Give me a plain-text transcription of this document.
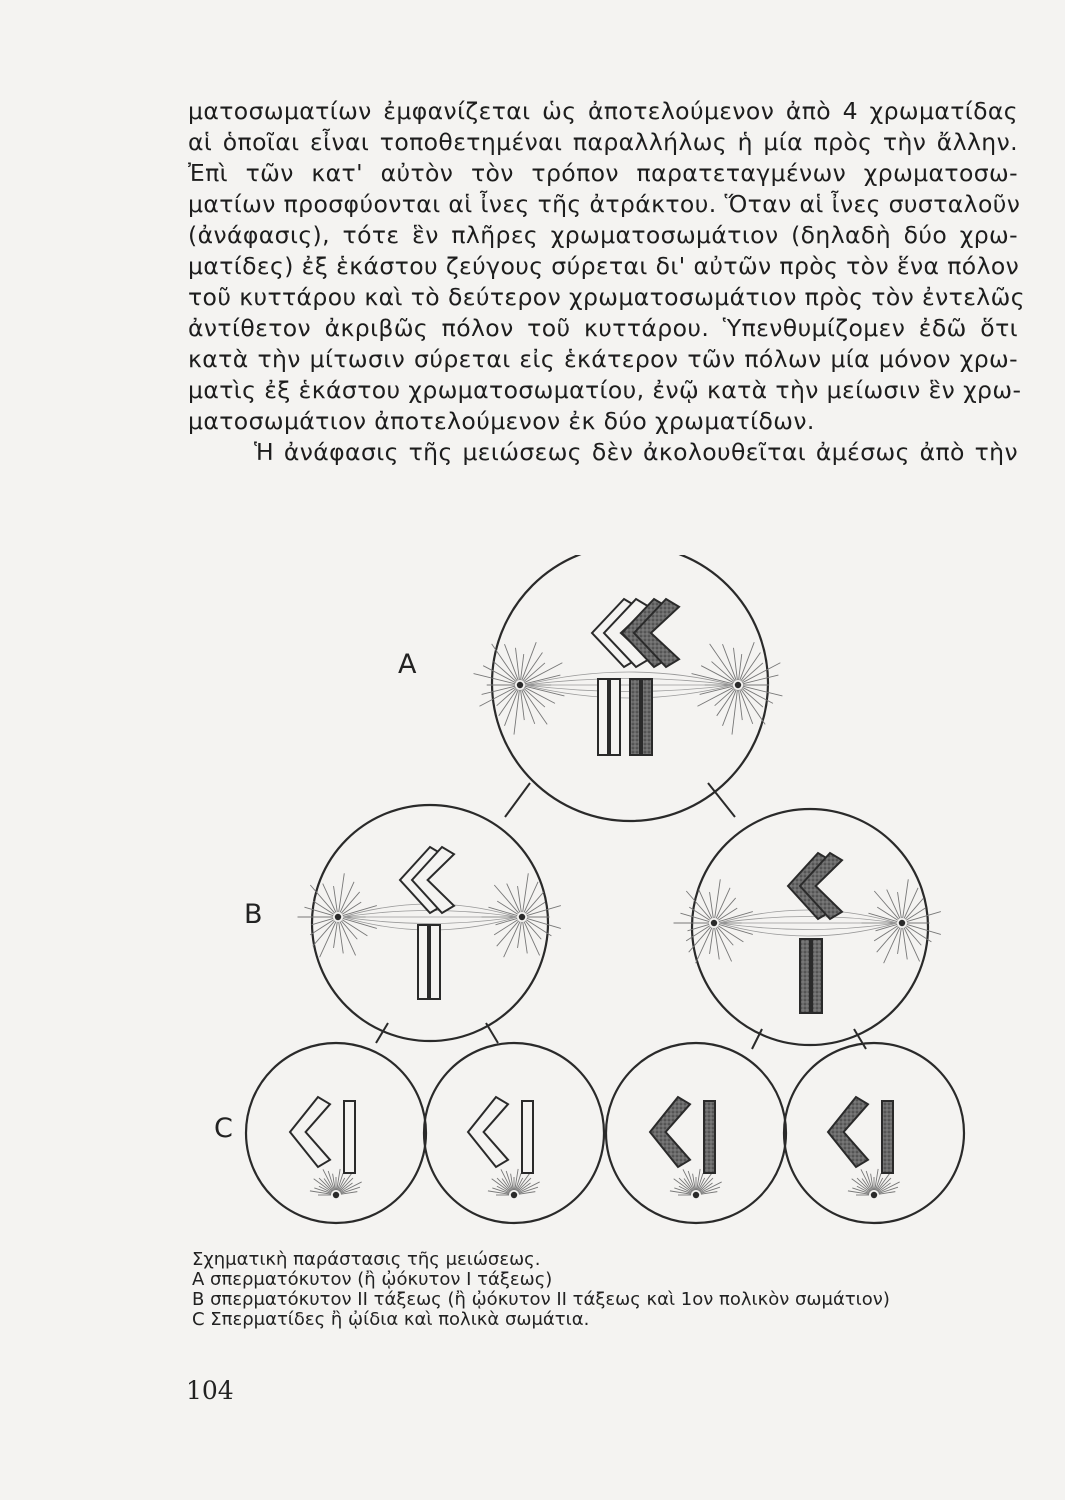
ματοσωματίων ἐμφανίζεται ὡς ἀποτελούμενον ἀπὸ 4 χρωματίδας
αἱ ὁποῖαι εἶναι τοποθετημέναι παραλλήλως ἡ μία πρὸς τὴν ἄλλην.
Ἐπὶ τῶν κατ' αὐτὸν τὸν τρόπον παρατεταγμένων χρωματοσω-
ματίων προσφύονται αἱ ἶνες τῆς ἀτράκτου. Ὅταν αἱ ἶνες συσταλοῦν
(ἀνάφασις), τότε ἓν πλῆρες χρωματοσωμάτιον (δηλαδὴ δύο χρω-
ματίδες) ἐξ ἑκάστου ζεύγους σύρεται δι' αὐτῶν πρὸς τὸν ἕνα πόλον
τοῦ κυττάρου καὶ τὸ δεύτερον χρωματοσωμάτιον πρὸς τὸν ἐντελῶς
ἀντίθετον ἀκριβῶς πόλον τοῦ κυττάρου. Ὑπενθυμίζομεν ἐδῶ ὅτι
κατὰ τὴν μίτωσιν σύρεται εἰς ἑκάτερον τῶν πόλων μία μόνον χρω-
ματὶς ἐξ ἑκάστου χρωματοσωματίου, ἐνῷ κατὰ τὴν μείωσιν ἓν χρω-
ματοσωμάτιον ἀποτελούμενον ἐκ δύο χρωματίδων.
Ἡ ἀνάφασις τῆς μειώσεως δὲν ἀκολουθεῖται ἀμέσως ἀπὸ τὴν
A
B
C
Σχηματικὴ παράστασις τῆς μειώσεως.
A σπερματόκυτον (ἢ ᾠόκυτον I τάξεως)
B σπερματόκυτον II τάξεως (ἢ ᾠόκυτον II τάξεως καὶ 1ον πολικὸν σωμάτιον)
C Σπερματίδες ἢ ᾠίδια καὶ πολικὰ σωμάτια.
104
